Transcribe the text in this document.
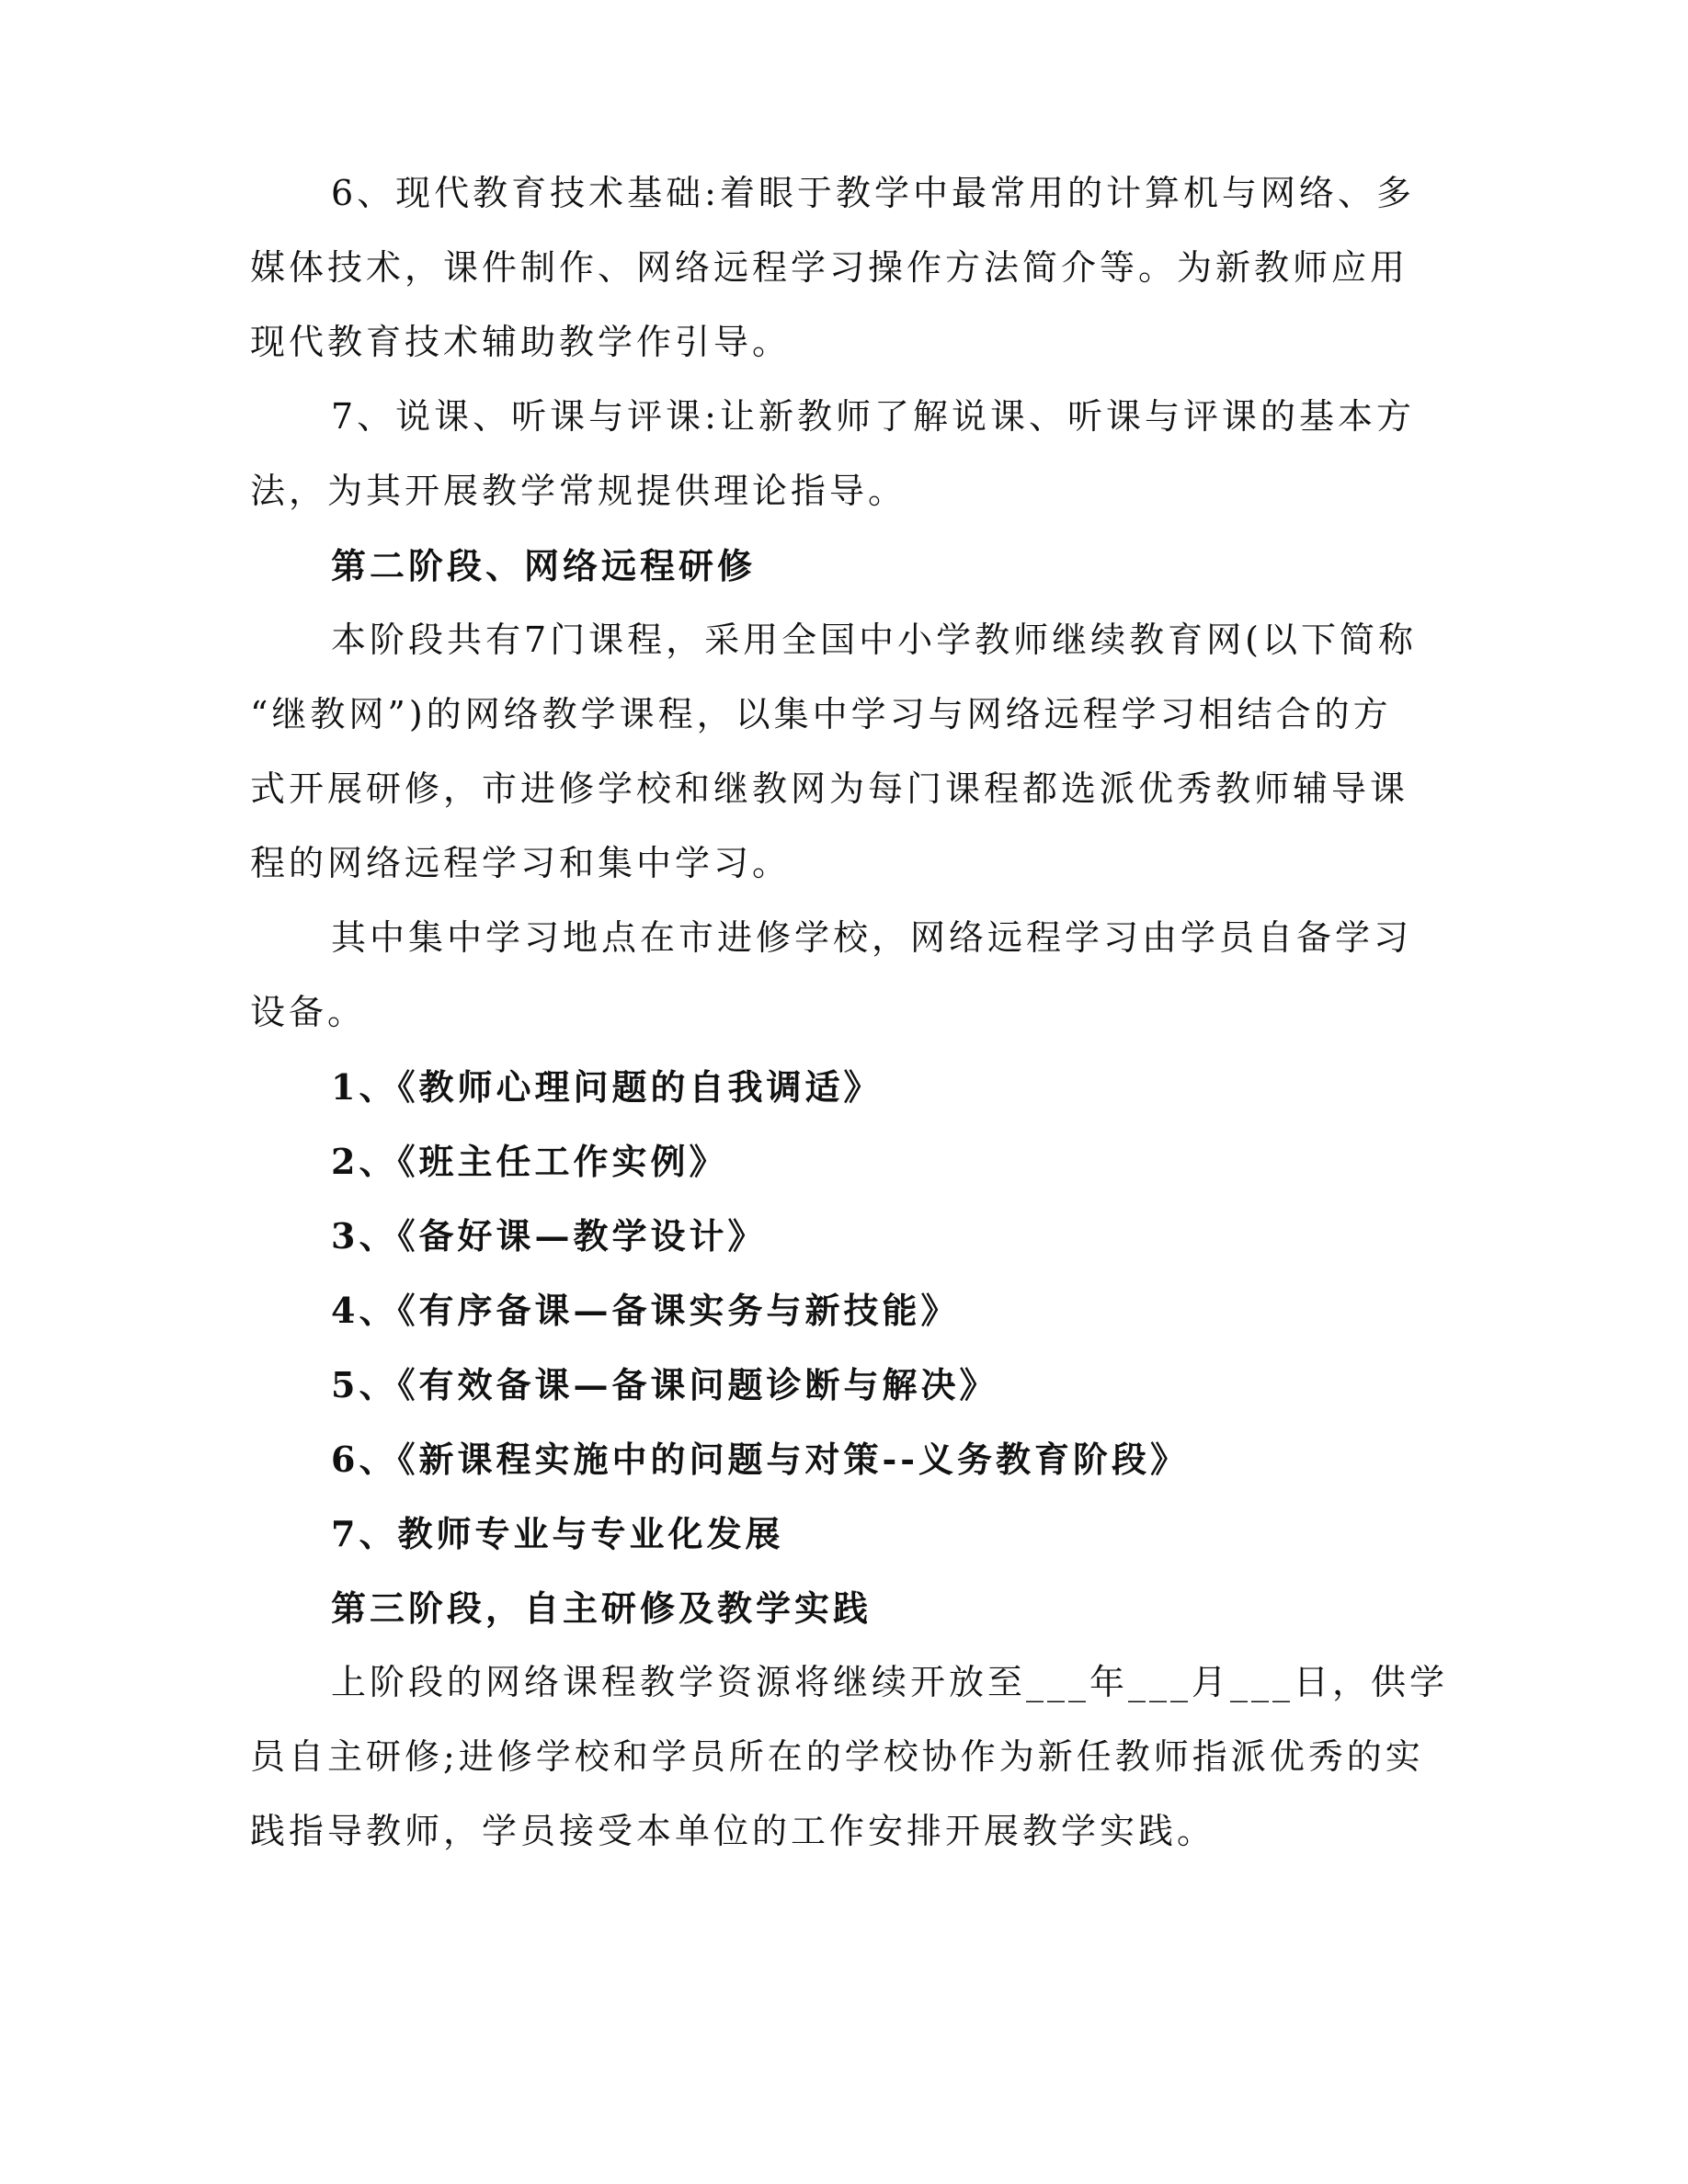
6、现代教育技术基础:着眼于教学中最常用的计算机与网络、多
媒体技术，课件制作、网络远程学习操作方法简介等。为新教师应用
现代教育技术辅助教学作引导。
7、说课、听课与评课:让新教师了解说课、听课与评课的基本方
法，为其开展教学常规提供理论指导。
第二阶段、网络远程研修
本阶段共有7门课程，采用全国中小学教师继续教育网(以下简称
“继教网”)的网络教学课程，以集中学习与网络远程学习相结合的方
式开展研修，市进修学校和继教网为每门课程都选派优秀教师辅导课
程的网络远程学习和集中学习。
其中集中学习地点在市进修学校，网络远程学习由学员自备学习
设备。
1、《教师心理问题的自我调适》
2、《班主任工作实例》
3、《备好课—教学设计》
4、《有序备课—备课实务与新技能》
5、《有效备课—备课问题诊断与解决》
6、《新课程实施中的问题与对策--义务教育阶段》
7、教师专业与专业化发展
第三阶段，自主研修及教学实践
上阶段的网络课程教学资源将继续开放至___年___月___日，供学
员自主研修;进修学校和学员所在的学校协作为新任教师指派优秀的实
践指导教师，学员接受本单位的工作安排开展教学实践。
